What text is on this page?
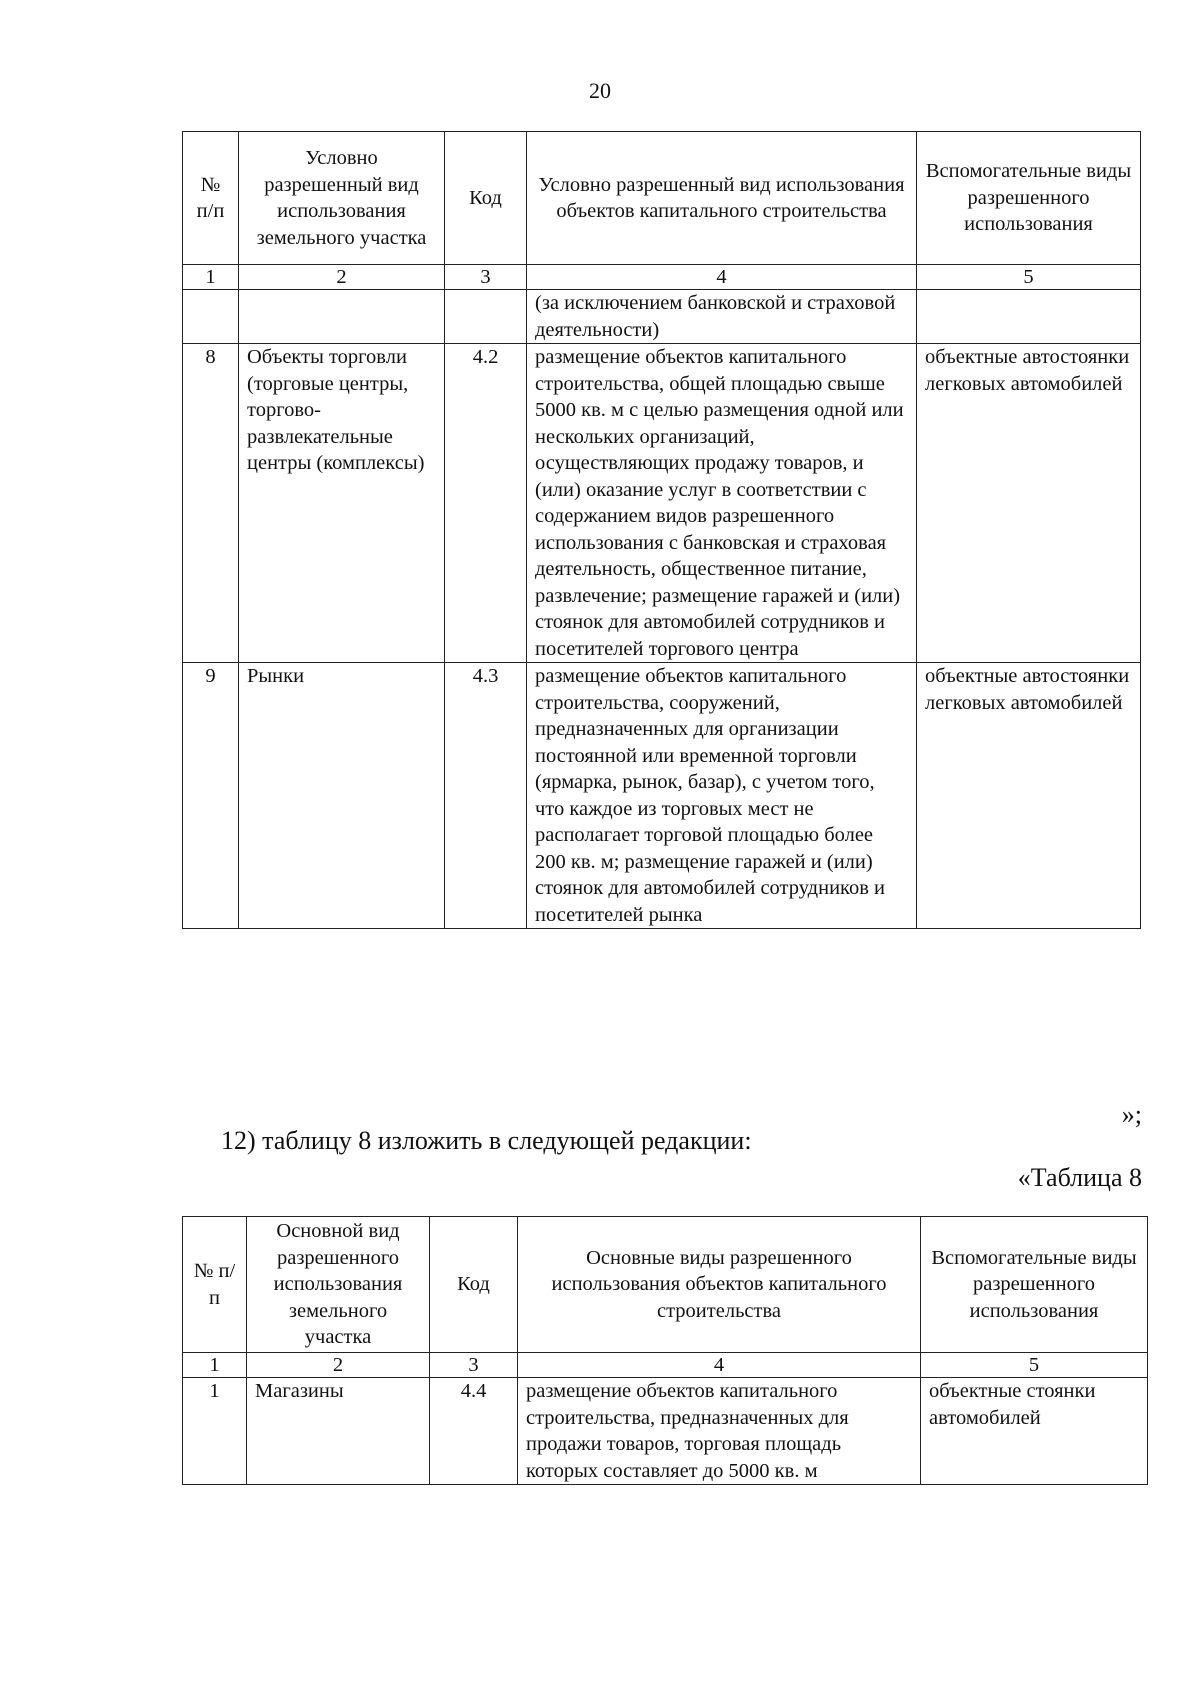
20
№ п/п	Условно разрешенный вид использования земельного участка	Код	Условно разрешенный вид использования объектов капитального строительства	Вспомогательные виды разрешенного использования
1	2	3	4	5
			(за исключением банковской и страховой деятельности)	
8	Объекты торговли (торговые центры, торгово-развлекательные центры (комплексы)	4.2	размещение объектов капитального строительства, общей площадью свыше 5000 кв. м с целью размещения одной или нескольких организаций, осуществляющих продажу товаров, и (или) оказание услуг в соответствии с содержанием видов разрешенного использования с банковская и страховая деятельность, общественное питание, развлечение; размещение гаражей и (или) стоянок для автомобилей сотрудников и посетителей торгового центра	объектные автостоянки легковых автомобилей
9	Рынки	4.3	размещение объектов капитального строительства, сооружений, предназначенных для организации постоянной или временной торговли (ярмарка, рынок, базар), с учетом того, что каждое из торговых мест не располагает торговой площадью более 200 кв. м; размещение гаражей и (или) стоянок для автомобилей сотрудников и посетителей рынка	объектные автостоянки легковых автомобилей
»;
12) таблицу 8 изложить в следующей редакции:
«Таблица 8
№ п/п	Основной вид разрешенного использования земельного участка	Код	Основные виды разрешенного использования объектов капитального строительства	Вспомогательные виды разрешенного использования
1	2	3	4	5
1	Магазины	4.4	размещение объектов капитального строительства, предназначенных для продажи товаров, торговая площадь которых составляет до 5000 кв. м	объектные стоянки автомобилей
